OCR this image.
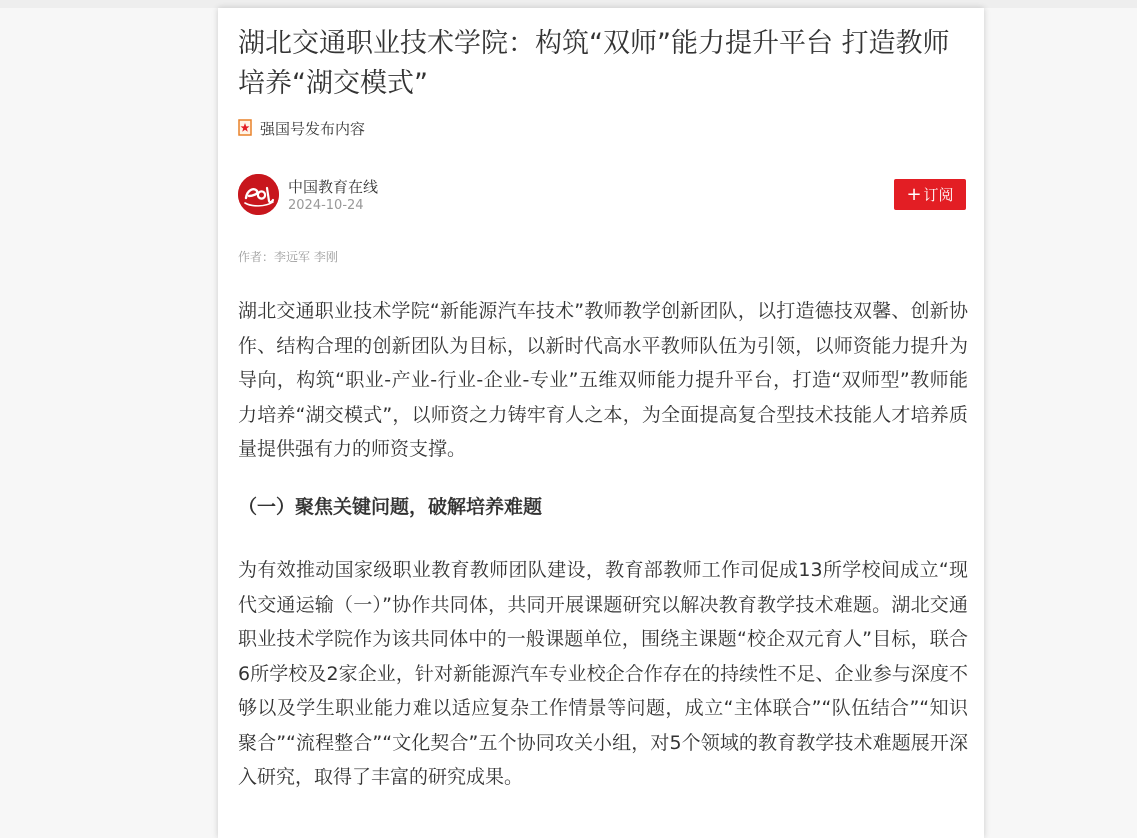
湖北交通职业技术学院：构筑“双师”能力提升平台 打造教师培养“湖交模式”
强国号发布内容
中国教育在线
2024-10-24
+ 订阅
作者：李远军 李刚

湖北交通职业技术学院“新能源汽车技术”教师教学创新团队，以打造德技双馨、创新协作、结构合理的创新团队为目标，以新时代高水平教师队伍为引领，以师资能力提升为导向，构筑“职业-产业-行业-企业-专业”五维双师能力提升平台，打造“双师型”教师能力培养“湖交模式”，以师资之力铸牢育人之本，为全面提高复合型技术技能人才培养质量提供强有力的师资支撑。

（一）聚焦关键问题，破解培养难题

为有效推动国家级职业教育教师团队建设，教育部教师工作司促成13所学校间成立“现代交通运输（一）”协作共同体，共同开展课题研究以解决教育教学技术难题。湖北交通职业技术学院作为该共同体中的一般课题单位，围绕主课题“校企双元育人”目标，联合6所学校及2家企业，针对新能源汽车专业校企合作存在的持续性不足、企业参与深度不够以及学生职业能力难以适应复杂工作情景等问题，成立“主体联合”“队伍结合”“知识聚合”“流程整合”“文化契合”五个协同攻关小组，对5个领域的教育教学技术难题展开深入研究，取得了丰富的研究成果。
